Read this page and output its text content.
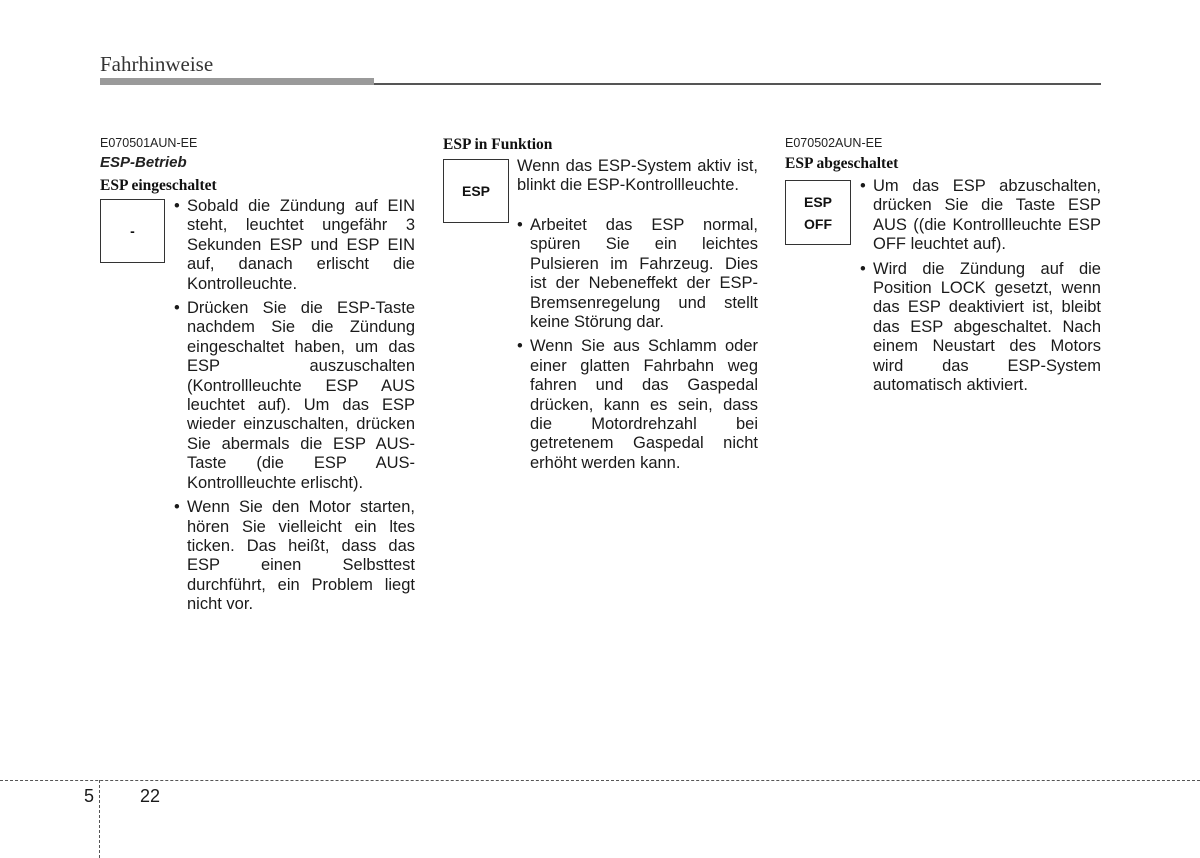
Fahrhinweise
E070501AUN-EE
ESP-Betrieb
ESP eingeschaltet
-
• Sobald die Zündung auf EIN steht, leuchtet ungefähr 3 Sekunden ESP und ESP EIN auf, danach erlischt die Kontrolleuchte.
• Drücken Sie die ESP-Taste nachdem Sie die Zündung eingeschaltet haben, um das ESP auszuschalten (Kontrollleuchte ESP AUS leuchtet auf). Um das ESP wieder einzuschalten, drücken Sie abermals die ESP AUS-Taste (die ESP AUS-Kontrollleuchte erlischt).
• Wenn Sie den Motor starten, hören Sie vielleicht ein ltes ticken. Das heißt, dass das ESP einen Selbsttest durchführt, ein Problem liegt nicht vor.
ESP in Funktion
ESP
Wenn das ESP-System aktiv ist, blinkt die ESP-Kontrollleuchte.
• Arbeitet das ESP normal, spüren Sie ein leichtes Pulsieren im Fahrzeug. Dies ist der Nebeneffekt der ESP-Bremsenregelung und stellt keine Störung dar.
• Wenn Sie aus Schlamm oder einer glatten Fahrbahn weg fahren und das Gaspedal drücken, kann es sein, dass die Motordrehzahl bei getretenem Gaspedal nicht erhöht werden kann.
E070502AUN-EE
ESP abgeschaltet
ESP
OFF
• Um das ESP abzuschalten, drücken Sie die Taste ESP AUS ((die Kontrollleuchte ESP OFF leuchtet auf).
• Wird die Zündung auf die Position LOCK gesetzt, wenn das ESP deaktiviert ist, bleibt das ESP abgeschaltet. Nach einem Neustart des Motors wird das ESP-System automatisch aktiviert.
5	22
